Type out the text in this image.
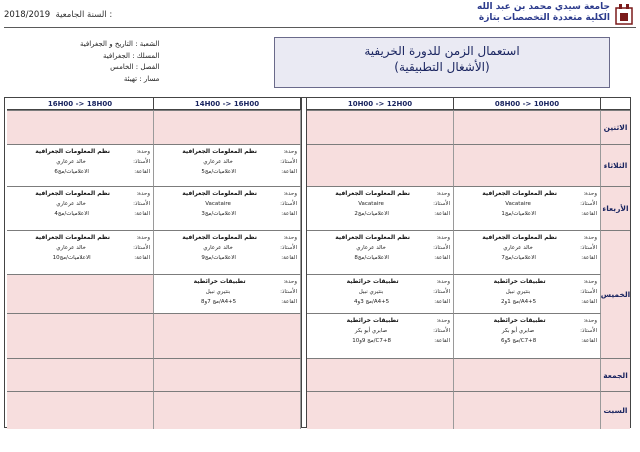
جامعة سيدي محمد بن عبد الله
الكلية متعددة التخصصات بتازة
2018/2019 السنة الجامعية :
الشعبة : التاريخ و الجغرافية
المسلك : الجغرافية
الفصل : الخامس
مسار : تهيئة
استعمال الزمن للدورة الخريفية
(الأشغال التطبيقية)
08H00 -> 10H00
10H00 -> 12H00
14H00 -> 16H00
16H00 -> 18H00
الاثنين
الثلاثاء
وحدة:
نظم المعلومات الجغرافية
الأستاذ:
خالد عرعاري
القاعة:
الاعلاميات/مج5
وحدة:
نظم المعلومات الجغرافية
الأستاذ:
خالد عرعاري
القاعة:
الاعلاميات/مج6
الأربعاء
وحدة:
نظم المعلومات الجغرافية
الأستاذ:
Vacataire
القاعة:
الاعلاميات/مج1
وحدة:
نظم المعلومات الجغرافية
الأستاذ:
Vacataire
القاعة:
الاعلاميات/مج2
وحدة:
نظم المعلومات الجغرافية
الأستاذ:
Vacataire
القاعة:
الاعلاميات/مج3
وحدة:
نظم المعلومات الجغرافية
الأستاذ:
خالد عرعاري
القاعة:
الاعلاميات/مج4
الخميس
وحدة:
نظم المعلومات الجغرافية
الأستاذ:
خالد عرعاري
القاعة:
الاعلاميات/مج7
وحدة:
نظم المعلومات الجغرافية
الأستاذ:
خالد عرعاري
القاعة:
الاعلاميات/مج8
وحدة:
نظم المعلومات الجغرافية
الأستاذ:
خالد عرعاري
القاعة:
الاعلاميات/مج9
وحدة:
نظم المعلومات الجغرافية
الأستاذ:
خالد عرعاري
القاعة:
الاعلاميات/مج10
وحدة:
تطبيقات خرائطية
الأستاذ:
بنتيري نبيل
القاعة:
A4+5/مج 1و2
وحدة:
تطبيقات خرائطية
الأستاذ:
بنتيري نبيل
القاعة:
A4+5/مج 3و4
وحدة:
تطبيقات خرائطية
الأستاذ:
بنتيري نبيل
القاعة:
A4+5/مج 7و8
وحدة:
تطبيقات خرائطية
الأستاذ:
صابري أبو بكر
القاعة:
C7+8/مج 5و6
وحدة:
تطبيقات خرائطية
الأستاذ:
صابري أبو بكر
القاعة:
C7+8/مج 9و10
الجمعة
السبت
